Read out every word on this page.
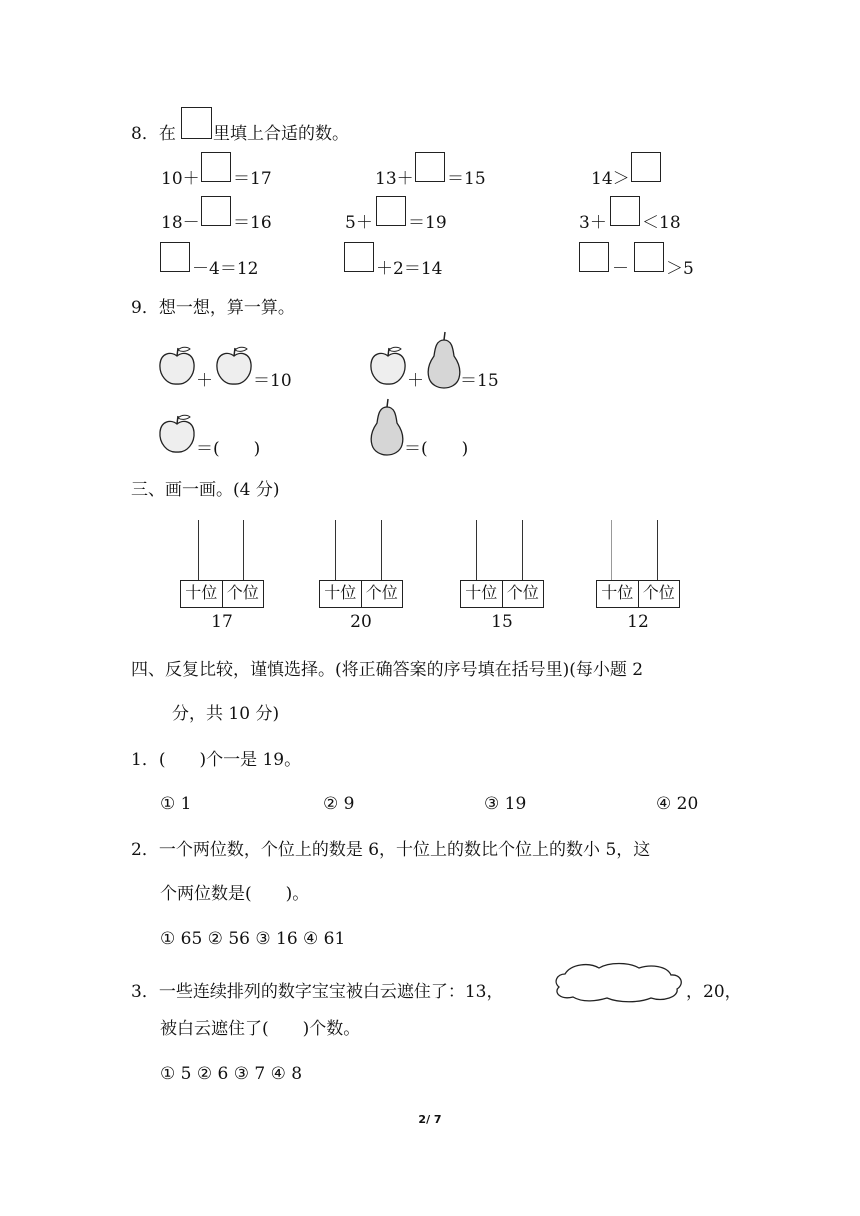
8．在 里填上合适的数。
10＋ ＝17	13＋ ＝15	14＞
18－ ＝16	5＋ ＝19	3＋ ＜18
－4＝12	＋2＝14	－ ＞5
9．想一想，算一算。
＋ ＝10	＋ ＝15
＝(　　)	＝(　　)
三、画一画。(4 分)
十位 个位
17
十位 个位
20
十位 个位
15
十位 个位
12
四、反复比较，谨慎选择。(将正确答案的序号填在括号里)(每小题 2
分，共 10 分)
1．(　　)个一是 19。
① 1	② 9	③ 19	④ 20
2．一个两位数，个位上的数是 6，十位上的数比个位上的数小 5，这
个两位数是(　　)。
① 65 ② 56 ③ 16 ④ 61
3．一些连续排列的数字宝宝被白云遮住了：13，	，20，
被白云遮住了(　　)个数。
① 5 ② 6 ③ 7 ④ 8
2/ 7
